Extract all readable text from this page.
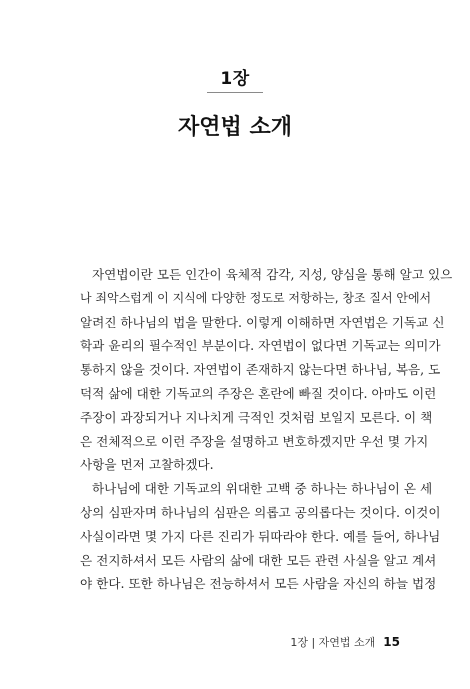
1장
자연법 소개
자연법이란 모든 인간이 육체적 감각, 지성, 양심을 통해 알고 있으
나 죄악스럽게 이 지식에 다양한 정도로 저항하는, 창조 질서 안에서
알려진 하나님의 법을 말한다. 이렇게 이해하면 자연법은 기독교 신
학과 윤리의 필수적인 부분이다. 자연법이 없다면 기독교는 의미가
통하지 않을 것이다. 자연법이 존재하지 않는다면 하나님, 복음, 도
덕적 삶에 대한 기독교의 주장은 혼란에 빠질 것이다. 아마도 이런
주장이 과장되거나 지나치게 극적인 것처럼 보일지 모른다. 이 책
은 전체적으로 이런 주장을 설명하고 변호하겠지만 우선 몇 가지
사항을 먼저 고찰하겠다.
하나님에 대한 기독교의 위대한 고백 중 하나는 하나님이 온 세
상의 심판자며 하나님의 심판은 의롭고 공의롭다는 것이다. 이것이
사실이라면 몇 가지 다른 진리가 뒤따라야 한다. 예를 들어, 하나님
은 전지하셔서 모든 사람의 삶에 대한 모든 관련 사실을 알고 계셔
야 한다. 또한 하나님은 전능하셔서 모든 사람을 자신의 하늘 법정
1장 | 자연법 소개 15
